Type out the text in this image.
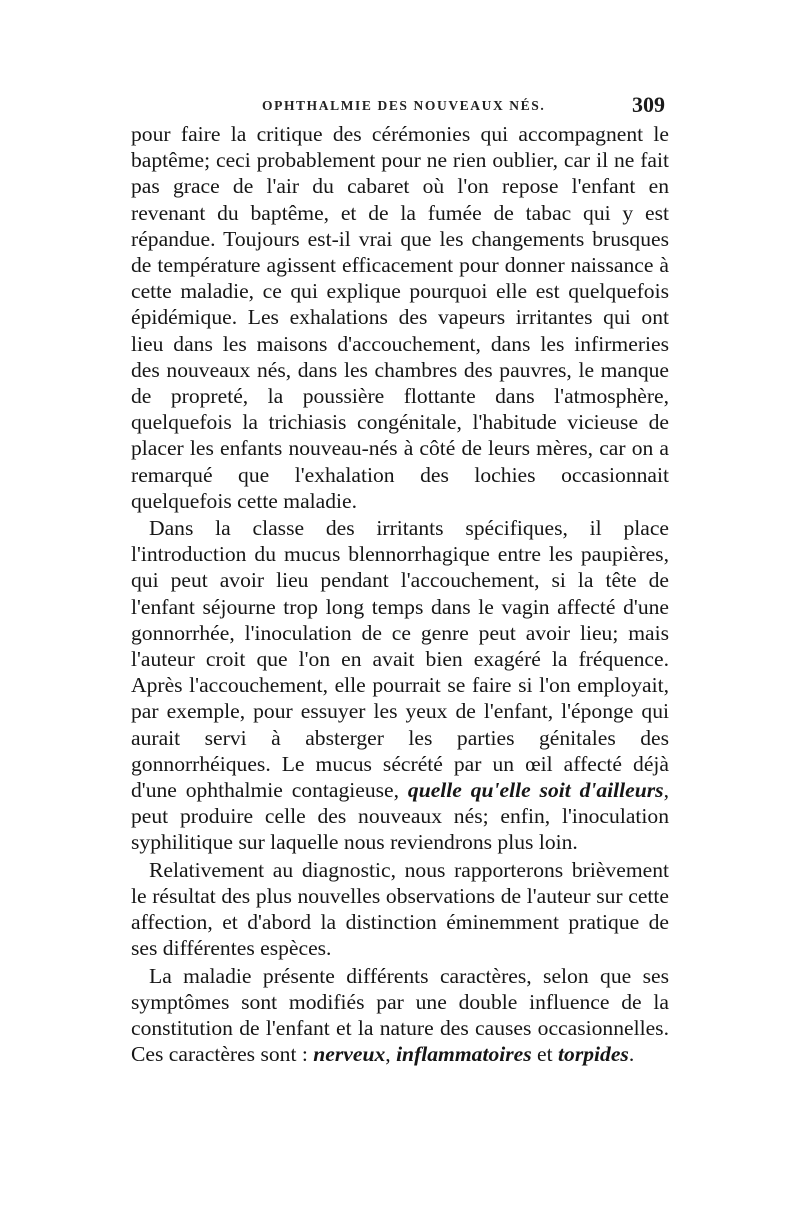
OPHTHALMIE DES NOUVEAUX NÉS.	309

pour faire la critique des cérémonies qui accompagnent le baptême; ceci probablement pour ne rien oublier, car il ne fait pas grace de l'air du cabaret où l'on repose l'enfant en revenant du baptême, et de la fumée de tabac qui y est répandue. Toujours est-il vrai que les changements brusques de température agissent efficacement pour donner naissance à cette maladie, ce qui explique pourquoi elle est quelquefois épidémique. Les exhalations des vapeurs irritantes qui ont lieu dans les maisons d'accouchement, dans les infirmeries des nouveaux nés, dans les chambres des pauvres, le manque de propreté, la poussière flottante dans l'atmosphère, quelquefois la trichiasis congénitale, l'habitude vicieuse de placer les enfants nouveau-nés à côté de leurs mères, car on a remarqué que l'exhalation des lochies occasionnait quelquefois cette maladie.

Dans la classe des irritants spécifiques, il place l'introduction du mucus blennorrhagique entre les paupières, qui peut avoir lieu pendant l'accouchement, si la tête de l'enfant séjourne trop long temps dans le vagin affecté d'une gonnorrhée, l'inoculation de ce genre peut avoir lieu; mais l'auteur croit que l'on en avait bien exagéré la fréquence. Après l'accouchement, elle pourrait se faire si l'on employait, par exemple, pour essuyer les yeux de l'enfant, l'éponge qui aurait servi à absterger les parties génitales des gonnorrhéiques. Le mucus sécrété par un œil affecté déjà d'une ophthalmie contagieuse, quelle qu'elle soit d'ailleurs, peut produire celle des nouveaux nés; enfin, l'inoculation syphilitique sur laquelle nous reviendrons plus loin.

Relativement au diagnostic, nous rapporterons brièvement le résultat des plus nouvelles observations de l'auteur sur cette affection, et d'abord la distinction éminemment pratique de ses différentes espèces.

La maladie présente différents caractères, selon que ses symptômes sont modifiés par une double influence de la constitution de l'enfant et la nature des causes occasionnelles. Ces caractères sont : nerveux, inflammatoires et torpides.
